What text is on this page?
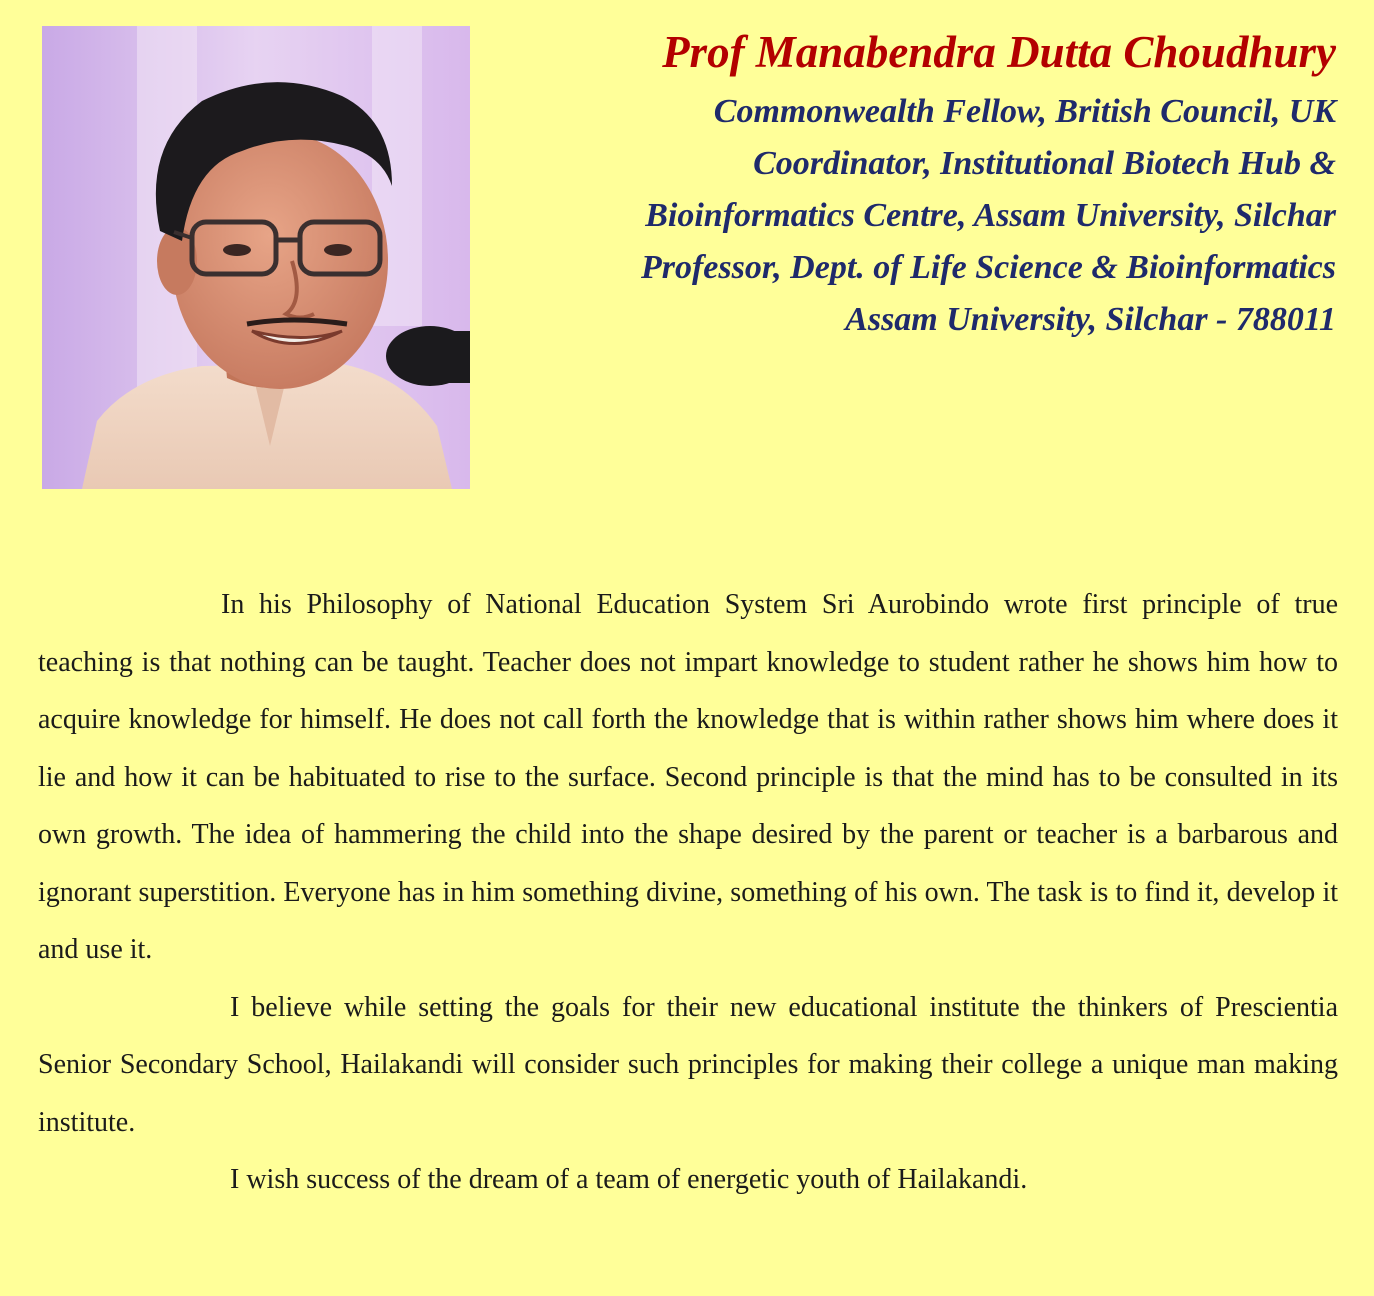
Prof Manabendra Dutta Choudhury
Commonwealth Fellow, British Council, UK
Coordinator, Institutional Biotech Hub &
Bioinformatics Centre, Assam University, Silchar
Professor, Dept. of Life Science & Bioinformatics
Assam University, Silchar - 788011

In his Philosophy of National Education System Sri Aurobindo wrote first principle of true teaching is that nothing can be taught. Teacher does not impart knowledge to student rather he shows him how to acquire knowledge for himself. He does not call forth the knowledge that is within rather shows him where does it lie and how it can be habituated to rise to the surface. Second principle is that the mind has to be consulted in its own growth. The idea of hammering the child into the shape desired by the parent or teacher is a barbarous and ignorant superstition. Everyone has in him something divine, something of his own. The task is to find it, develop it and use it.

I believe while setting the goals for their new educational institute the thinkers of Prescientia Senior Secondary School, Hailakandi will consider such principles for making their college a unique man making institute.

I wish success of the dream of a team of energetic youth of Hailakandi.
